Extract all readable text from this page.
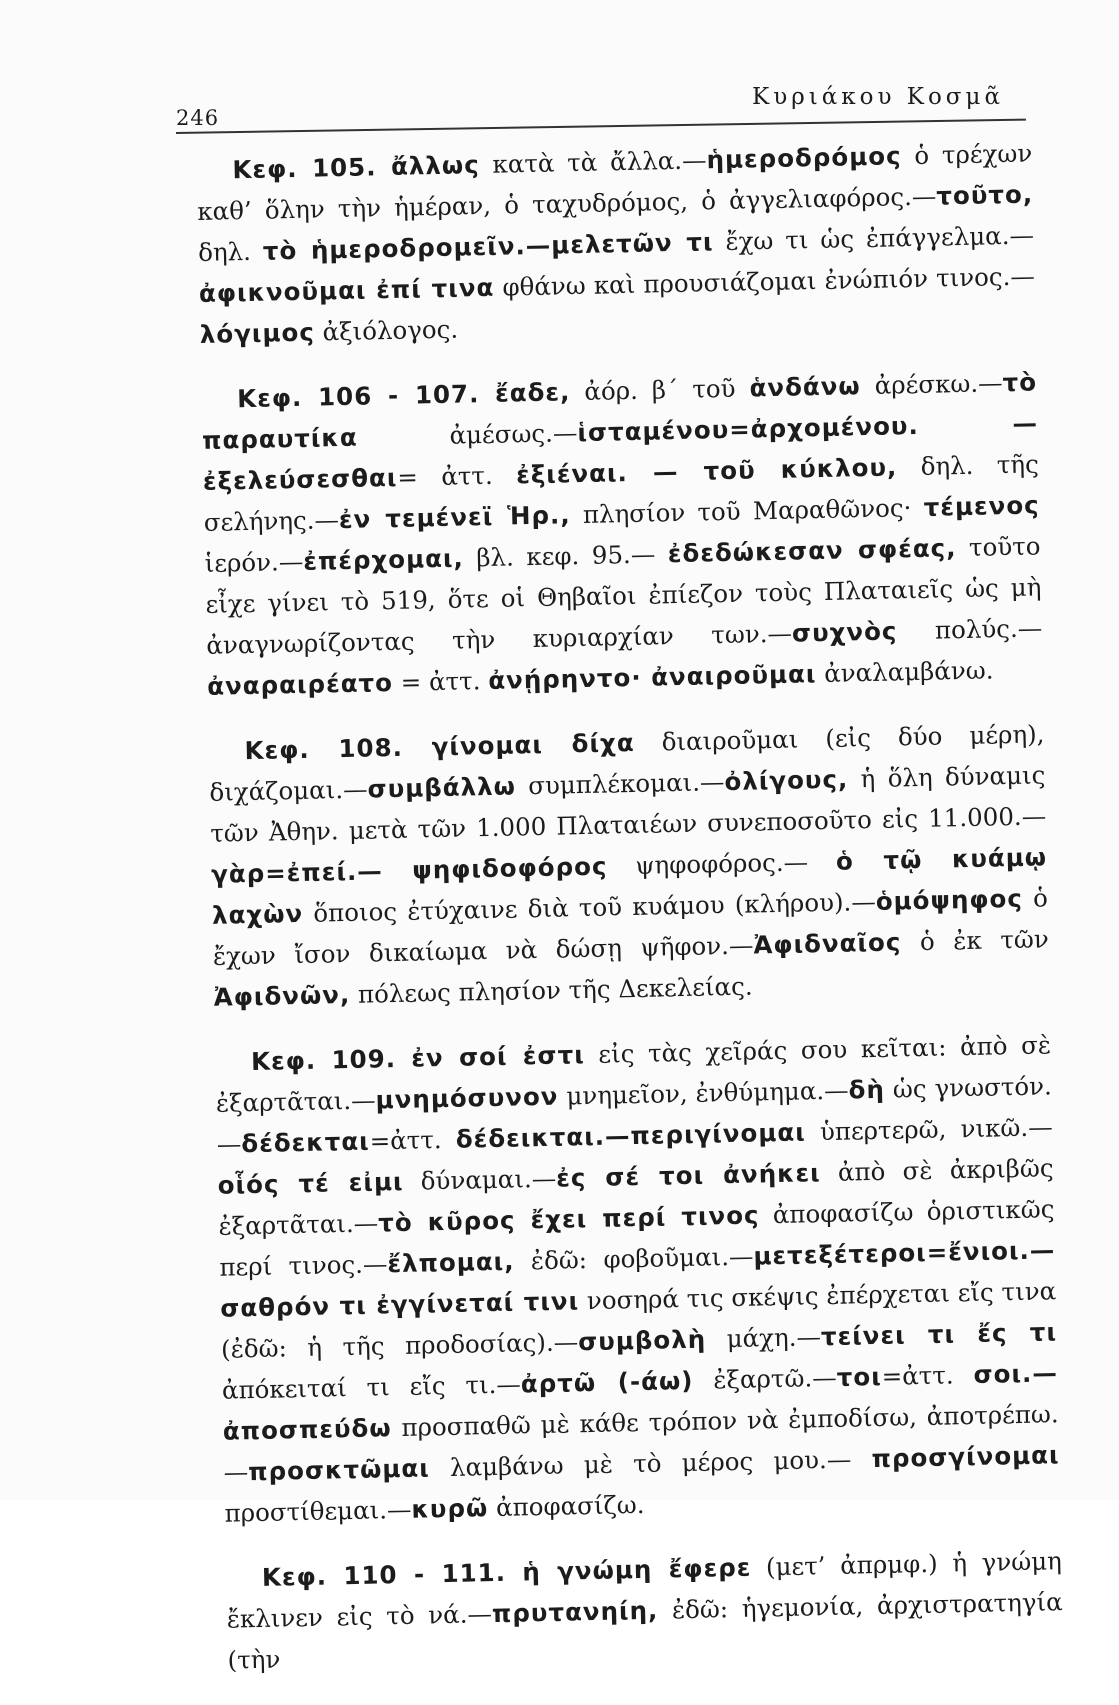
246
Κυριάκου Κοσμᾶ

Κεφ. 105. ἄλλως κατὰ τὰ ἄλλα.—ἡμεροδρόμος ὁ τρέχων καθ’ ὅλην τὴν ἡμέραν, ὁ ταχυδρόμος, ὁ ἀγγελιαφόρος.—τοῦτο, δηλ. τὸ ἡμεροδρομεῖν.—μελετῶν τι ἔχω τι ὡς ἐπάγγελμα.—ἀφικνοῦμαι ἐπί τινα φθάνω καὶ προυσιάζομαι ἐνώπιόν τινος.—λόγιμος ἀξιόλογος.

Κεφ. 106 - 107. ἔαδε, ἀόρ. β΄ τοῦ ἁνδάνω ἀρέσκω.—τὸ παραυτίκα ἀμέσως.—ἱσταμένου=ἀρχομένου. — ἐξελεύσεσθαι= ἀττ. ἐξιέναι. — τοῦ κύκλου, δηλ. τῆς σελήνης.—ἐν τεμένεϊ Ἡρ., πλησίον τοῦ Μαραθῶνος· τέμενος ἱερόν.—ἐπέρχομαι, βλ. κεφ. 95.— ἐδεδώκεσαν σφέας, τοῦτο εἶχε γίνει τὸ 519, ὅτε οἱ Θηβαῖοι ἐπίεζον τοὺς Πλαταιεῖς ὡς μὴ ἀναγνωρίζοντας τὴν κυριαρχίαν των.—συχνὸς πολύς.— ἀναραιρέατο = ἀττ. ἀνῄρηντο· ἀναιροῦμαι ἀναλαμβάνω.

Κεφ. 108. γίνομαι δίχα διαιροῦμαι (εἰς δύο μέρη), διχάζομαι.—συμβάλλω συμπλέκομαι.—ὀλίγους, ἡ ὅλη δύναμις τῶν Ἀθην. μετὰ τῶν 1.000 Πλαταιέων συνεποσοῦτο εἰς 11.000.—γὰρ=ἐπεί.— ψηφιδοφόρος ψηφοφόρος.— ὁ τῷ κυάμῳ λαχὼν ὅποιος ἐτύχαινε διὰ τοῦ κυάμου (κλήρου).—ὁμόψηφος ὁ ἔχων ἴσον δικαίωμα νὰ δώσῃ ψῆφον.—Ἀφιδναῖος ὁ ἐκ τῶν Ἀφιδνῶν, πόλεως πλησίον τῆς Δεκελείας.

Κεφ. 109. ἐν σοί ἐστι εἰς τὰς χεῖράς σου κεῖται: ἀπὸ σὲ ἐξαρτᾶται.—μνημόσυνον μνημεῖον, ἐνθύμημα.—δὴ ὡς γνωστόν.—δέδεκται=ἀττ. δέδεικται.—περιγίνομαι ὑπερτερῶ, νικῶ.—οἷός τέ εἰμι δύναμαι.—ἐς σέ τοι ἀνήκει ἀπὸ σὲ ἀκριβῶς ἐξαρτᾶται.—τὸ κῦρος ἔχει περί τινος ἀποφασίζω ὁριστικῶς περί τινος.—ἔλπομαι, ἐδῶ: φοβοῦμαι.—μετεξέτεροι=ἔνιοι.—σαθρόν τι ἐγγίνεταί τινι νοσηρά τις σκέψις ἐπέρχεται εἴς τινα (ἐδῶ: ἡ τῆς προδοσίας).—συμβολὴ μάχη.—τείνει τι ἔς τι ἀπόκειταί τι εἴς τι.—ἀρτῶ (-άω) ἐξαρτῶ.—τοι=ἀττ. σοι.—ἀποσπεύδω προσπαθῶ μὲ κάθε τρόπον νὰ ἐμποδίσω, ἀποτρέπω.—προσκτῶμαι λαμβάνω μὲ τὸ μέρος μου.— προσγίνομαι προστίθεμαι.—κυρῶ ἀποφασίζω.

Κεφ. 110 - 111. ἡ γνώμη ἔφερε (μετ’ ἀπρμφ.) ἡ γνώμη ἔκλινεν εἰς τὸ νά.—πρυτανηίη, ἐδῶ: ἡγεμονία, ἀρχιστρατηγία (τὴν
